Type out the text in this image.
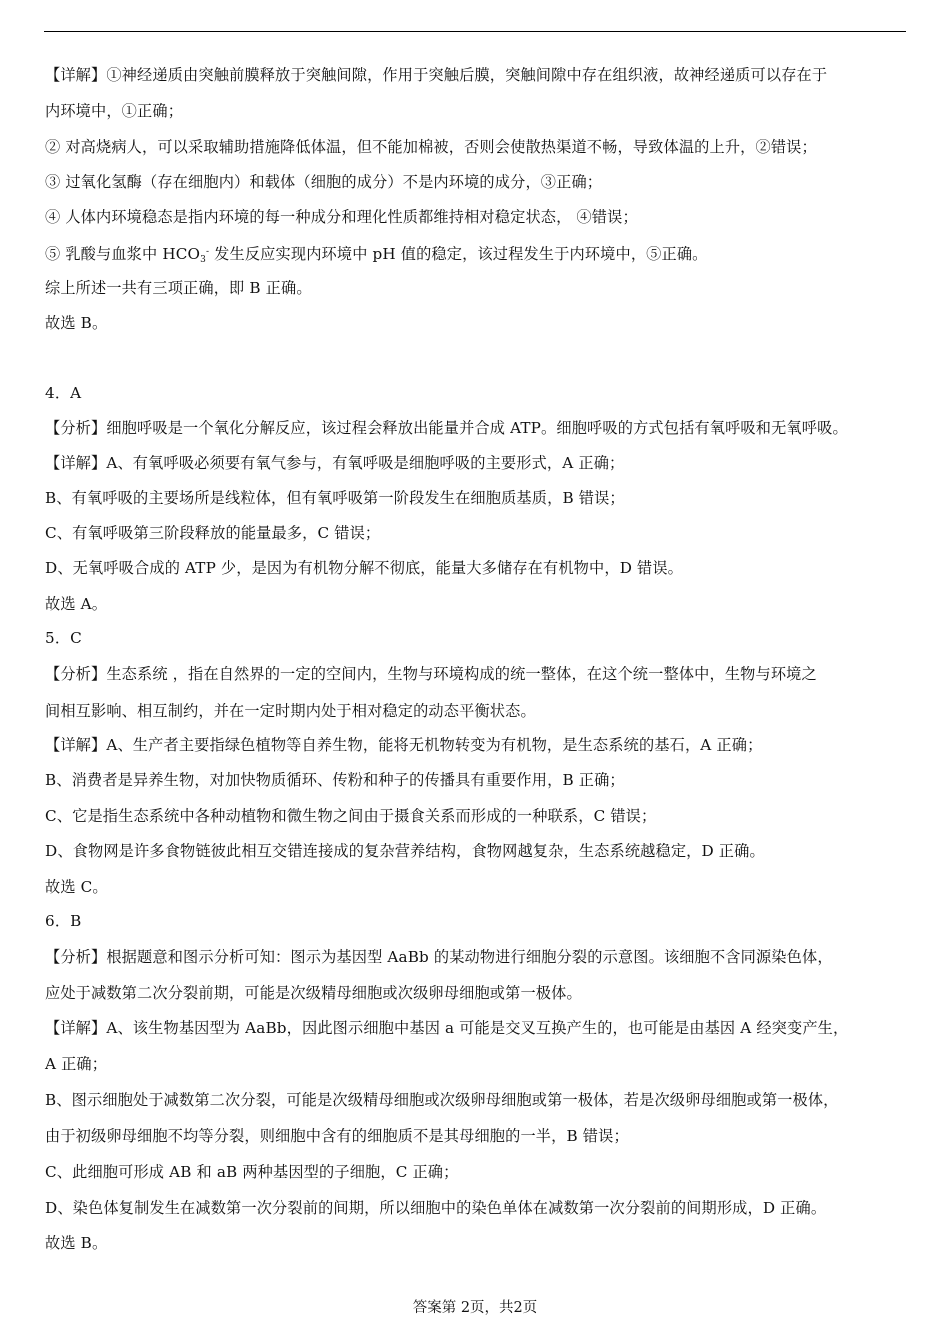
【详解】①神经递质由突触前膜释放于突触间隙，作用于突触后膜，突触间隙中存在组织液，故神经递质可以存在于
内环境中，①正确；
② 对高烧病人，可以采取辅助措施降低体温，但不能加棉被，否则会使散热渠道不畅，导致体温的上升，②错误；
③ 过氧化氢酶（存在细胞内）和载体（细胞的成分）不是内环境的成分，③正确；
④ 人体内环境稳态是指内环境的每一种成分和理化性质都维持相对稳定状态， ④错误；
⑤ 乳酸与血浆中 HCO3- 发生反应实现内环境中 pH 值的稳定，该过程发生于内环境中，⑤正确。
综上所述一共有三项正确，即 B 正确。
故选 B。
4．A
【分析】细胞呼吸是一个氧化分解反应，该过程会释放出能量并合成 ATP。细胞呼吸的方式包括有氧呼吸和无氧呼吸。
【详解】A、有氧呼吸必须要有氧气参与，有氧呼吸是细胞呼吸的主要形式，A 正确；
B、有氧呼吸的主要场所是线粒体，但有氧呼吸第一阶段发生在细胞质基质，B 错误；
C、有氧呼吸第三阶段释放的能量最多，C 错误；
D、无氧呼吸合成的 ATP 少，是因为有机物分解不彻底，能量大多储存在有机物中，D 错误。
故选 A。
5．C
【分析】生态系统 ，指在自然界的一定的空间内，生物与环境构成的统一整体，在这个统一整体中，生物与环境之
间相互影响、相互制约，并在一定时期内处于相对稳定的动态平衡状态。
【详解】A、生产者主要指绿色植物等自养生物，能将无机物转变为有机物，是生态系统的基石，A 正确；
B、消费者是异养生物，对加快物质循环、传粉和种子的传播具有重要作用，B 正确；
C、它是指生态系统中各种动植物和微生物之间由于摄食关系而形成的一种联系，C 错误；
D、食物网是许多食物链彼此相互交错连接成的复杂营养结构，食物网越复杂，生态系统越稳定，D 正确。
故选 C。
6．B
【分析】根据题意和图示分析可知：图示为基因型 AaBb 的某动物进行细胞分裂的示意图。该细胞不含同源染色体，
应处于减数第二次分裂前期，可能是次级精母细胞或次级卵母细胞或第一极体。
【详解】A、该生物基因型为 AaBb，因此图示细胞中基因 a 可能是交叉互换产生的，也可能是由基因 A 经突变产生，
A 正确；
B、图示细胞处于减数第二次分裂，可能是次级精母细胞或次级卵母细胞或第一极体，若是次级卵母细胞或第一极体，
由于初级卵母细胞不均等分裂，则细胞中含有的细胞质不是其母细胞的一半，B 错误；
C、此细胞可形成 AB 和 aB 两种基因型的子细胞，C 正确；
D、染色体复制发生在减数第一次分裂前的间期，所以细胞中的染色单体在减数第一次分裂前的间期形成，D 正确。
故选 B。
答案第 2页，共2页
